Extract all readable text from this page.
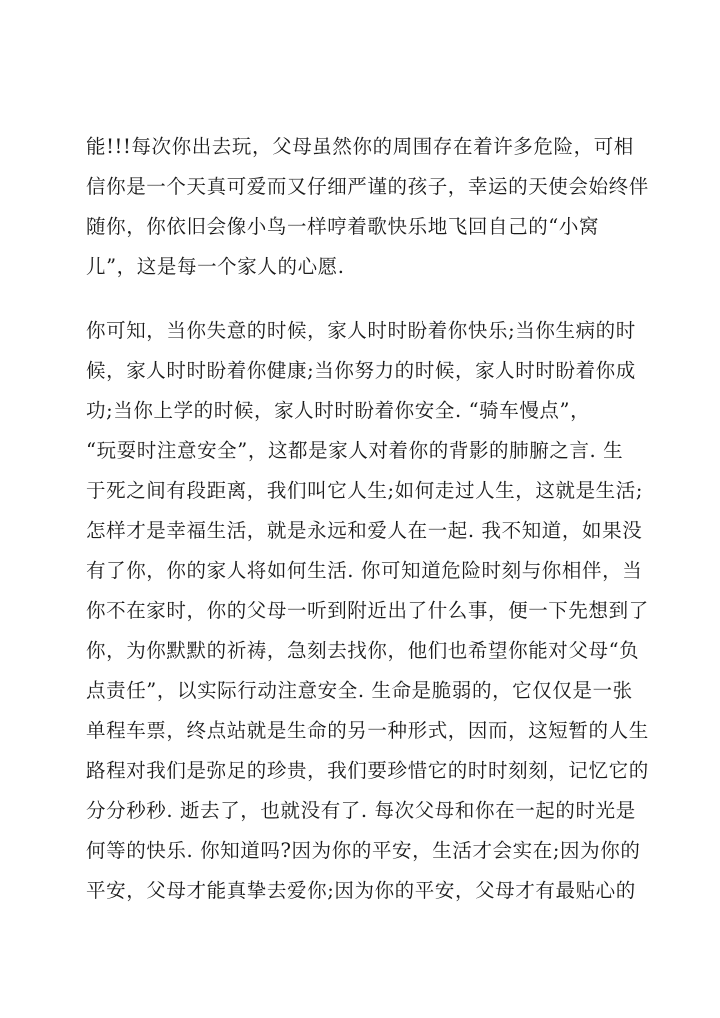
能!!!每次你出去玩，父母虽然你的周围存在着许多危险，可相
信你是一个天真可爱而又仔细严谨的孩子，幸运的天使会始终伴
随你，你依旧会像小鸟一样哼着歌快乐地飞回自己的“小窝
儿”，这是每一个家人的心愿.
你可知，当你失意的时候，家人时时盼着你快乐;当你生病的时
候，家人时时盼着你健康;当你努力的时候，家人时时盼着你成
功;当你上学的时候，家人时时盼着你安全. “骑车慢点”，
“玩耍时注意安全”，这都是家人对着你的背影的肺腑之言. 生
于死之间有段距离，我们叫它人生;如何走过人生，这就是生活;
怎样才是幸福生活，就是永远和爱人在一起. 我不知道，如果没
有了你，你的家人将如何生活. 你可知道危险时刻与你相伴，当
你不在家时，你的父母一听到附近出了什么事，便一下先想到了
你，为你默默的祈祷，急刻去找你，他们也希望你能对父母“负
点责任”，以实际行动注意安全. 生命是脆弱的，它仅仅是一张
单程车票，终点站就是生命的另一种形式，因而，这短暂的人生
路程对我们是弥足的珍贵，我们要珍惜它的时时刻刻，记忆它的
分分秒秒. 逝去了，也就没有了. 每次父母和你在一起的时光是
何等的快乐. 你知道吗?因为你的平安，生活才会实在;因为你的
平安，父母才能真挚去爱你;因为你的平安，父母才有最贴心的
